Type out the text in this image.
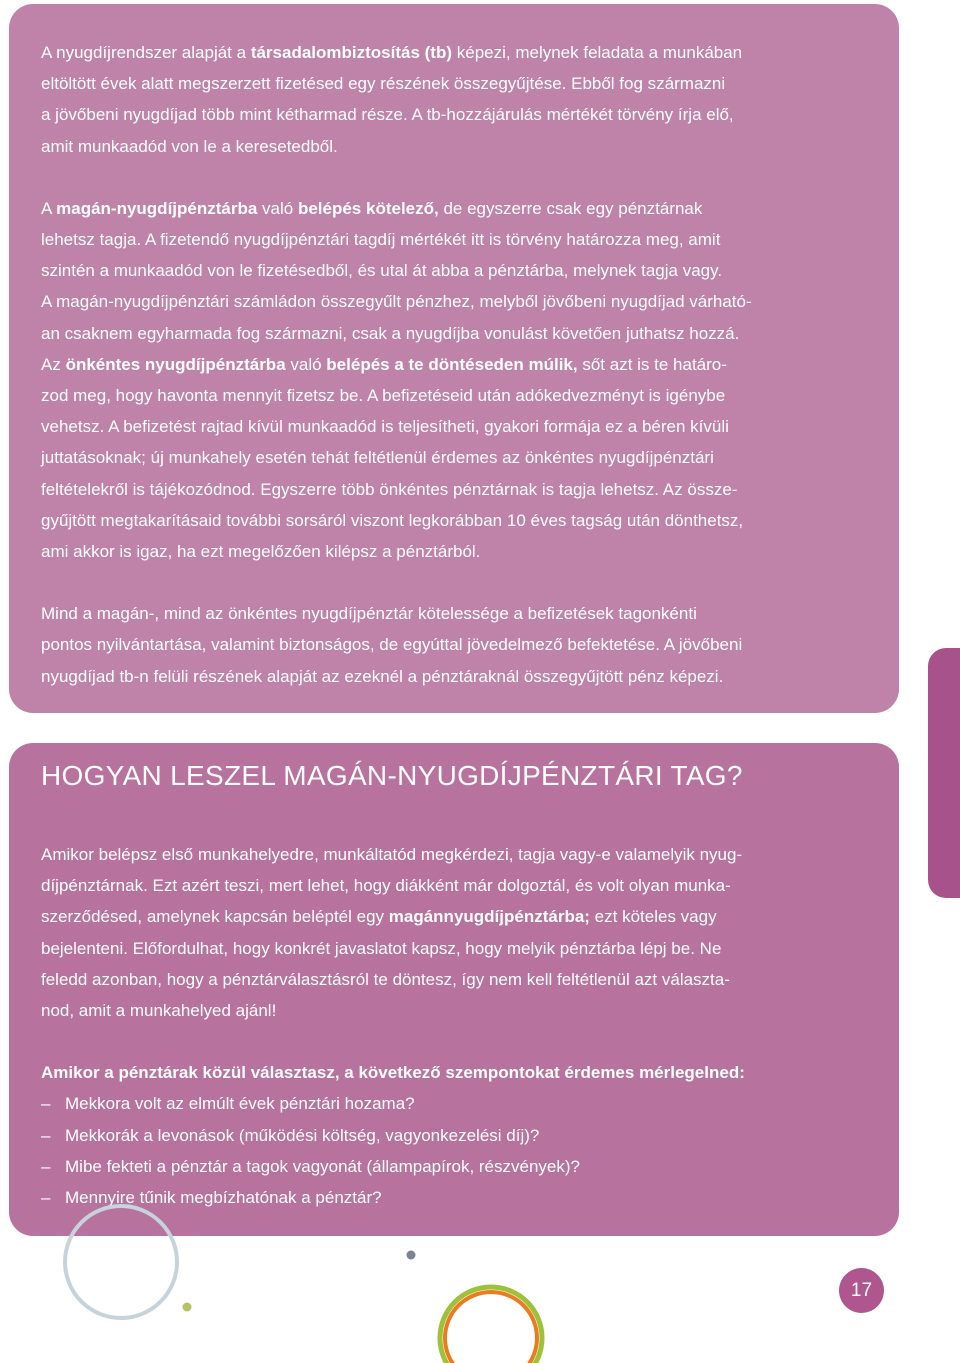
A nyugdíjrendszer alapját a társadalombiztosítás (tb) képezi, melynek feladata a munkában
eltöltött évek alatt megszerzett fizetésed egy részének összegyűjtése. Ebből fog származni
a jövőbeni nyugdíjad több mint kétharmad része. A tb-hozzájárulás mértékét törvény írja elő,
amit munkaadód von le a keresetedből.

A magán-nyugdíjpénztárba való belépés kötelező, de egyszerre csak egy pénztárnak
lehetsz tagja. A fizetendő nyugdíjpénztári tagdíj mértékét itt is törvény határozza meg, amit
szintén a munkaadód von le fizetésedből, és utal át abba a pénztárba, melynek tagja vagy.
A magán-nyugdíjpénztári számládon összegyűlt pénzhez, melyből jövőbeni nyugdíjad várható-
an csaknem egyharmada fog származni, csak a nyugdíjba vonulást követően juthatsz hozzá.
Az önkéntes nyugdíjpénztárba való belépés a te döntéseden múlik, sőt azt is te határo-
zod meg, hogy havonta mennyit fizetsz be. A befizetéseid után adókedvezményt is igénybe
vehetsz. A befizetést rajtad kívül munkaadód is teljesítheti, gyakori formája ez a béren kívüli
juttatásoknak; új munkahely esetén tehát feltétlenül érdemes az önkéntes nyugdíjpénztári
feltételekről is tájékozódnod. Egyszerre több önkéntes pénztárnak is tagja lehetsz. Az össze-
gyűjtött megtakarításaid további sorsáról viszont legkorábban 10 éves tagság után dönthetsz,
ami akkor is igaz, ha ezt megelőzően kilépsz a pénztárból.

Mind a magán-, mind az önkéntes nyugdíjpénztár kötelessége a befizetések tagonkénti
pontos nyilvántartása, valamint biztonságos, de egyúttal jövedelmező befektetése. A jövőbeni
nyugdíjad tb-n felüli részének alapját az ezeknél a pénztáraknál összegyűjtött pénz képezi.

HOGYAN LESZEL MAGÁN-NYUGDÍJPÉNZTÁRI TAG?

Amikor belépsz első munkahelyedre, munkáltatód megkérdezi, tagja vagy-e valamelyik nyug-
díjpénztárnak. Ezt azért teszi, mert lehet, hogy diákként már dolgoztál, és volt olyan munka-
szerződésed, amelynek kapcsán beléptél egy magánnyugdíjpénztárba; ezt köteles vagy
bejelenteni. Előfordulhat, hogy konkrét javaslatot kapsz, hogy melyik pénztárba lépj be. Ne
feledd azonban, hogy a pénztárválasztásról te döntesz, így nem kell feltétlenül azt választa-
nod, amit a munkahelyed ajánl!

Amikor a pénztárak közül választasz, a következő szempontokat érdemes mérlegelned:

– Mekkora volt az elmúlt évek pénztári hozama?
– Mekkorák a levonások (működési költség, vagyonkezelési díj)?
– Mibe fekteti a pénztár a tagok vagyonát (állampapírok, részvények)?
– Mennyire tűnik megbízhatónak a pénztár?
17
